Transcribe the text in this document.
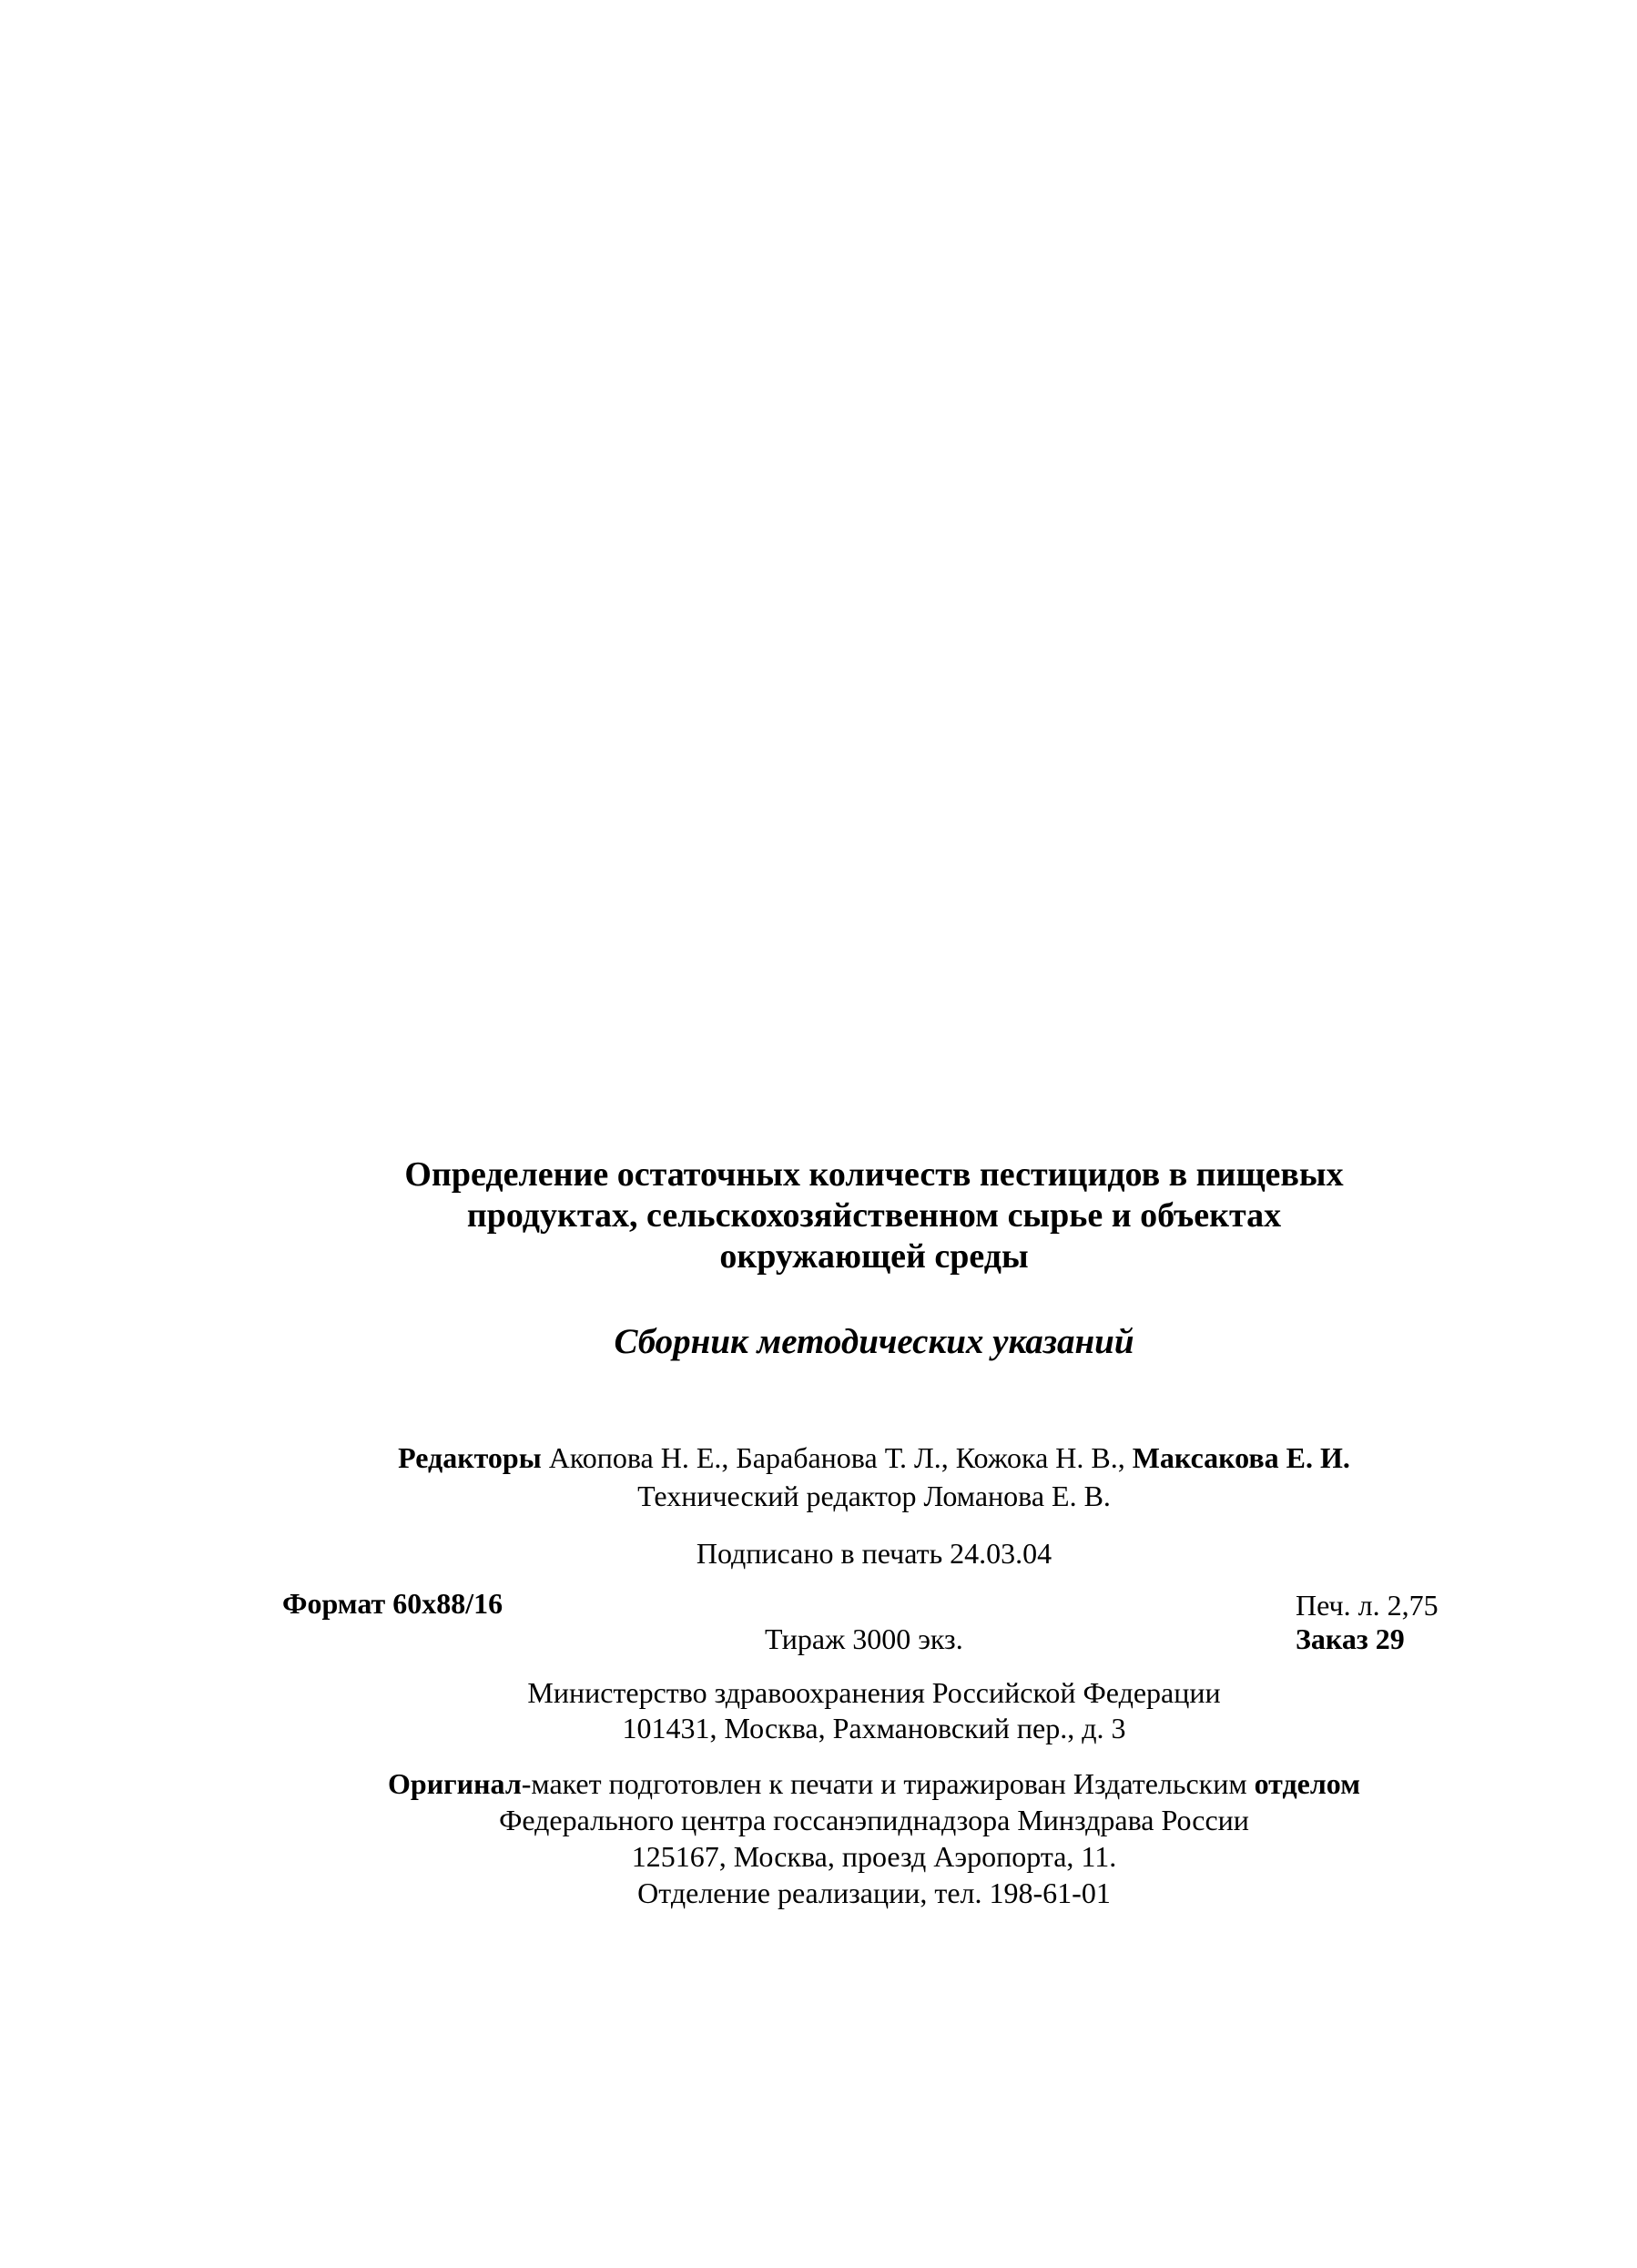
Определение остаточных количеств пестицидов в пищевых
продуктах, сельскохозяйственном сырье и объектах
окружающей среды
Сборник методических указаний
Редакторы Акопова Н. Е., Барабанова Т. Л., Кожока Н. В., Максакова Е. И.
Технический редактор Ломанова Е. В.
Подписано в печать 24.03.04
Формат 60х88/16	Печ. л. 2,75
Тираж 3000 экз.	Заказ 29
Министерство здравоохранения Российской Федерации
101431, Москва, Рахмановский пер., д. 3
Оригинал-макет подготовлен к печати и тиражирован Издательским отделом
Федерального центра госсанэпиднадзора Минздрава России
125167, Москва, проезд Аэропорта, 11.
Отделение реализации, тел. 198-61-01
